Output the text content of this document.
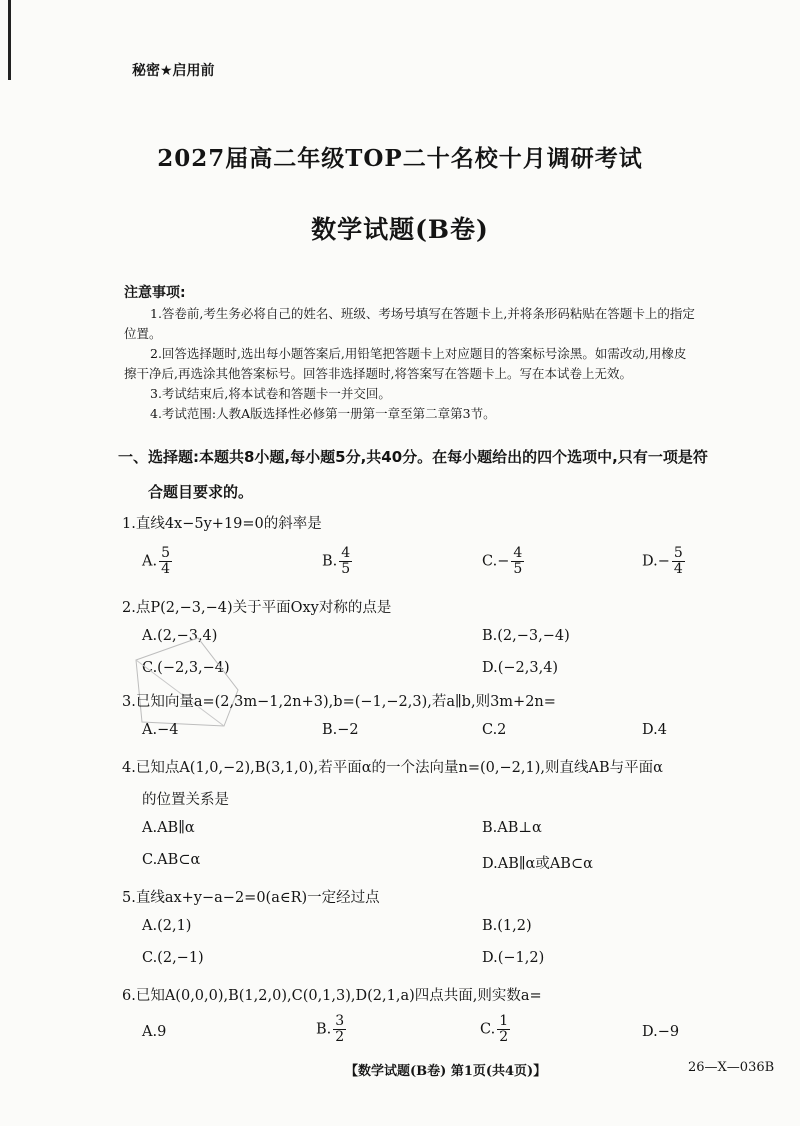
秘密★启用前
2027届高二年级TOP二十名校十月调研考试
数学试题(B卷)
注意事项:
1.答卷前,考生务必将自己的姓名、班级、考场号填写在答题卡上,并将条形码粘贴在答题卡上的指定
位置。
2.回答选择题时,选出每小题答案后,用铅笔把答题卡上对应题目的答案标号涂黑。如需改动,用橡皮
擦干净后,再选涂其他答案标号。回答非选择题时,将答案写在答题卡上。写在本试卷上无效。
3.考试结束后,将本试卷和答题卡一并交回。
4.考试范围:人教A版选择性必修第一册第一章至第二章第3节。
一、选择题:本题共8小题,每小题5分,共40分。在每小题给出的四个选项中,只有一项是符
合题目要求的。
1.直线4x−5y+19=0的斜率是
A. $\frac{5}{4}$	B. $\frac{4}{5}$	$C.- \frac{4}{5}$	$D.- \frac{5}{4}$
2.点P(2,−3,−4)关于平面Oxy对称的点是
A.(2,−3,4)	B.(2,−3,−4)
C.(−2,3,−4)	D.(−2,3,4)
3.已知向量a=(2,3m−1,2n+3),b=(−1,−2,3),若a∥b,则3m+2n=
A.−4	B.−2	C.2	D.4
4.已知点A(1,0,−2),B(3,1,0),若平面α的一个法向量n=(0,−2,1),则直线AB与平面α
的位置关系是
A.AB∥α	B.AB⊥α
C.AB⊂α	D.AB∥α或AB⊂α
5.直线ax+y−a−2=0(a∈R)一定经过点
A.(2,1)	B.(1,2)
C.(2,−1)	D.(−1,2)
6.已知A(0,0,0),B(1,2,0),C(0,1,3),D(2,1,a)四点共面,则实数a=
A.9	B. $\frac{3}{2}$	C. $\frac{1}{2}$	D.−9
【数学试题(B卷) 第1页(共4页)】	26—X—036B
